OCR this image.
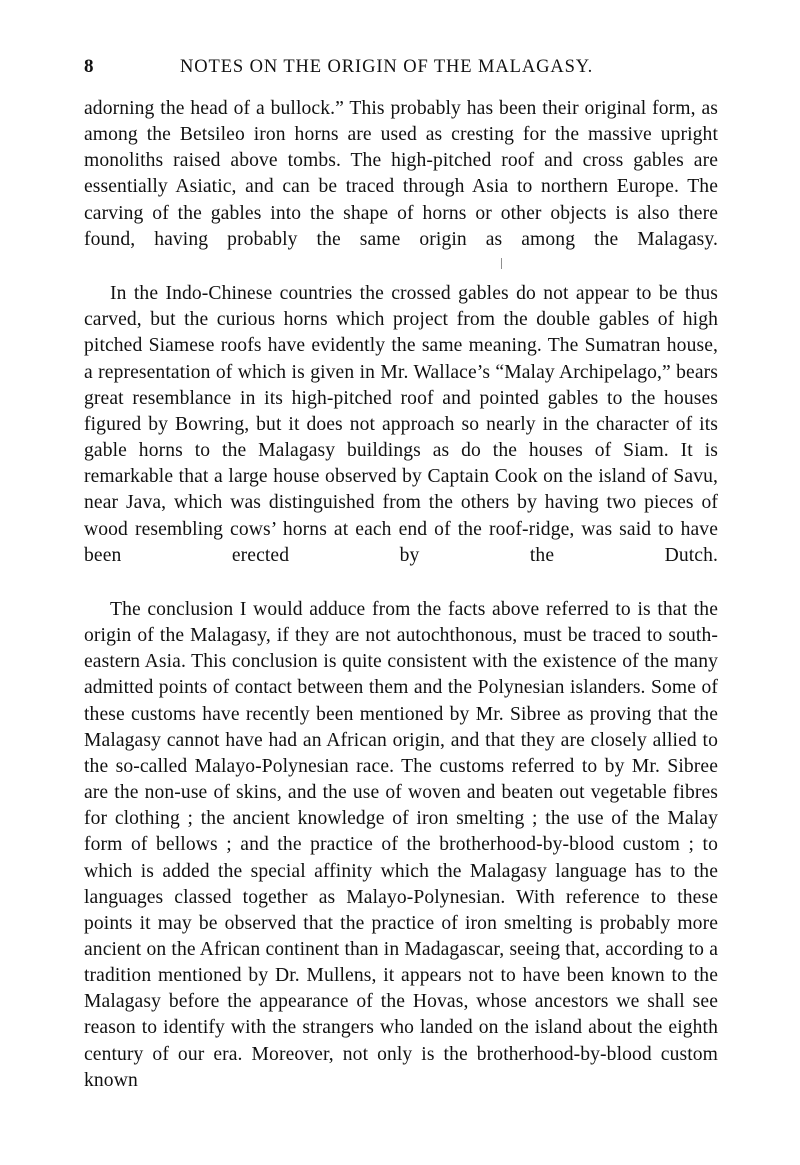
8	NOTES ON THE ORIGIN OF THE MALAGASY.

adorning the head of a bullock.” This probably has been their original form, as among the Betsileo iron horns are used as cresting for the massive upright monoliths raised above tombs. The high-pitched roof and cross gables are essentially Asiatic, and can be traced through Asia to northern Europe. The carving of the gables into the shape of horns or other objects is also there found, having probably the same origin as among the Malagasy.

In the Indo-Chinese countries the crossed gables do not appear to be thus carved, but the curious horns which project from the double gables of high pitched Siamese roofs have evidently the same meaning. The Sumatran house, a representation of which is given in Mr. Wallace’s “Malay Archipelago,” bears great resemblance in its high-pitched roof and pointed gables to the houses figured by Bowring, but it does not approach so nearly in the character of its gable horns to the Malagasy buildings as do the houses of Siam. It is remarkable that a large house observed by Captain Cook on the island of Savu, near Java, which was distinguished from the others by having two pieces of wood resembling cows’ horns at each end of the roof-ridge, was said to have been erected by the Dutch.

The conclusion I would adduce from the facts above referred to is that the origin of the Malagasy, if they are not autochthonous, must be traced to south-eastern Asia. This conclusion is quite consistent with the existence of the many admitted points of contact between them and the Polynesian islanders. Some of these customs have recently been mentioned by Mr. Sibree as proving that the Malagasy cannot have had an African origin, and that they are closely allied to the so-called Malayo-Polynesian race. The customs referred to by Mr. Sibree are the non-use of skins, and the use of woven and beaten out vegetable fibres for clothing ; the ancient knowledge of iron smelting ; the use of the Malay form of bellows ; and the practice of the brotherhood-by-blood custom ; to which is added the special affinity which the Malagasy language has to the languages classed together as Malayo-Polynesian. With reference to these points it may be observed that the practice of iron smelting is probably more ancient on the African continent than in Madagascar, seeing that, according to a tradition mentioned by Dr. Mullens, it appears not to have been known to the Malagasy before the appearance of the Hovas, whose ancestors we shall see reason to identify with the strangers who landed on the island about the eighth century of our era. Moreover, not only is the brotherhood-by-blood custom known
